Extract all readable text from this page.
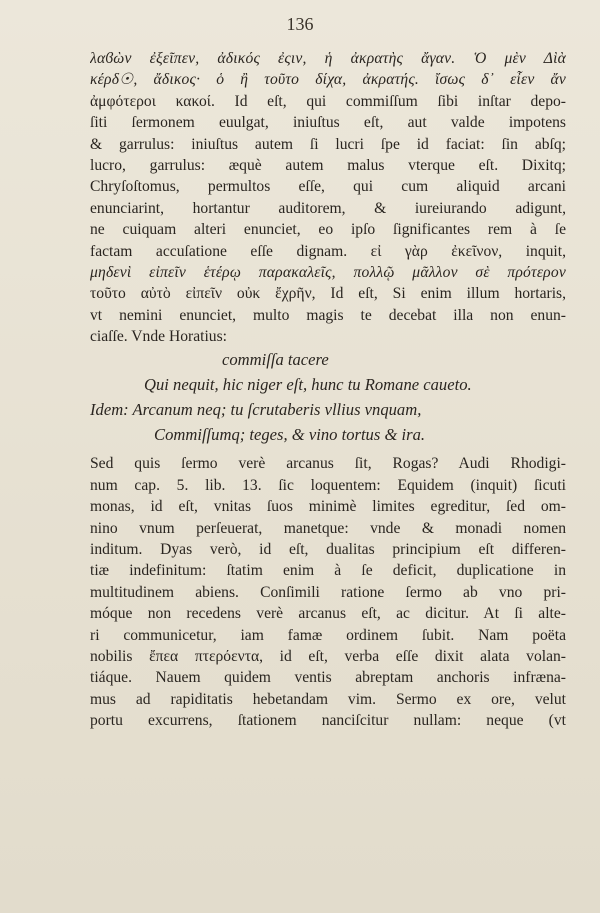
136
λαϐὼν ἐξεῖπεν, ἀδικός ἐςιν, ἡ ἀκρατὴς ἄγαν. Ὁ μὲν Δὶὰ
κέρδ☉, ἄδικος· ὁ ἢ τοῦτο δίχα, ἀκρατής. ἴσως δ᾽ εἶεν ἄν
ἀμφότεροι κακοί. Id eſt, qui commiſſum ſibi inſtar depo-
ſiti ſermonem euulgat, iniuſtus eſt, aut valde impotens
& garrulus: iniuſtus autem ſi lucri ſpe id faciat: ſin abſq;
lucro, garrulus: æquè autem malus vterque eſt. Dixitq;
Chryſoſtomus, permultos eſſe, qui cum aliquid arcani
enunciarint, hortantur auditorem, & iureiurando adigunt,
ne cuiquam alteri enunciet, eo ipſo ſignificantes rem à ſe
factam accuſatione eſſe dignam. εἰ γὰρ ἐκεῖνον, inquit,
μηδενὶ εἰπεῖν ἑτέρῳ παρακαλεῖς, πολλῷ μᾶλλον σὲ πρότερον
τοῦτο αὐτὸ εἰπεῖν οὐκ ἔχρῆν, Id eſt, Si enim illum hortaris,
vt nemini enunciet, multo magis te decebat illa non enun-
ciaſſe. Vnde Horatius:
commiſſa tacere
Qui nequit, hic niger eſt, hunc tu Romane caueto.
Idem: Arcanum neq; tu ſcrutaberis vllius vnquam,
Commiſſumq; teges, & vino tortus & ira.
Sed quis ſermo verè arcanus ſit, Rogas? Audi Rhodigi-
num cap. 5. lib. 13. ſic loquentem: Equidem (inquit) ſicuti
monas, id eſt, vnitas ſuos minimè limites egreditur, ſed om-
nino vnum perſeuerat, manetque: vnde & monadi nomen
inditum. Dyas verò, id eſt, dualitas principium eſt differen-
tiæ indefinitum: ſtatim enim à ſe deficit, duplicatione in
multitudinem abiens. Conſimili ratione ſermo ab vno pri-
móque non recedens verè arcanus eſt, ac dicitur. At ſi alte-
ri communicetur, iam famæ ordinem ſubit. Nam poëta
nobilis ἔπεα πτερόεντα, id eſt, verba eſſe dixit alata volan-
tiáque. Nauem quidem ventis abreptam anchoris infræna-
mus ad rapiditatis hebetandam vim. Sermo ex ore, velut
portu excurrens, ſtationem nanciſcitur nullam: neque (vt
